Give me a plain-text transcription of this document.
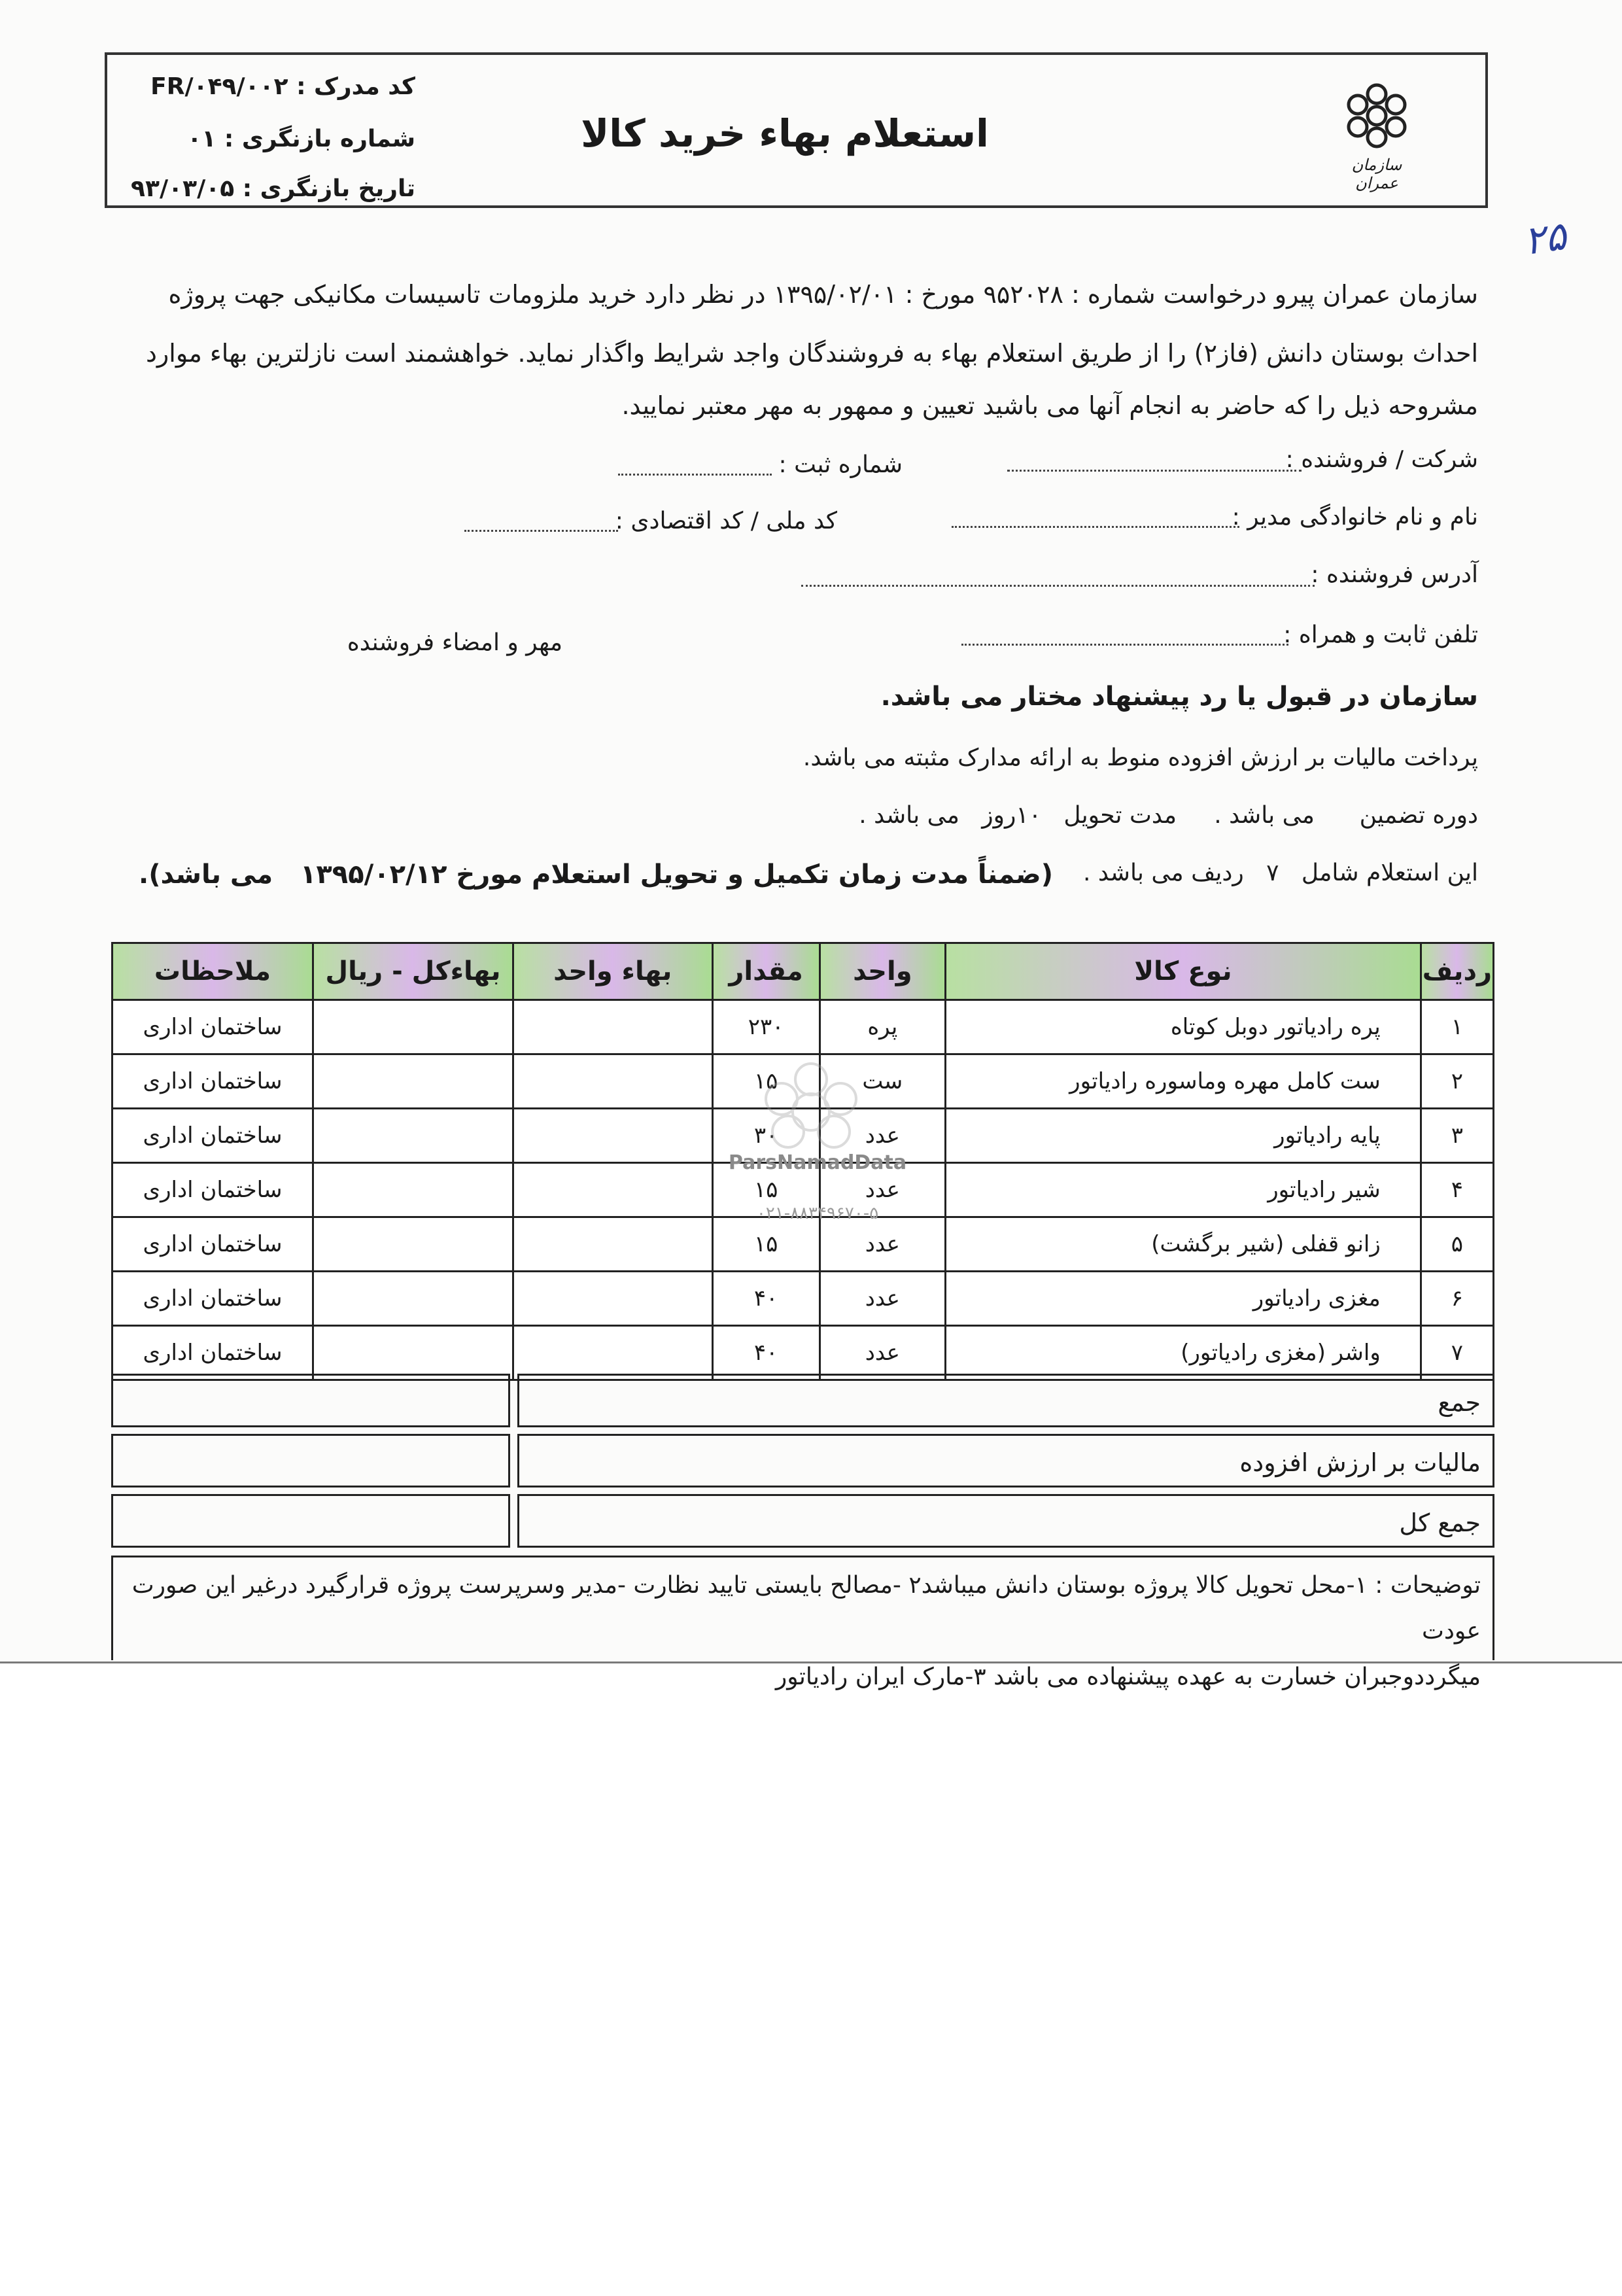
استعلام بهاء خرید کالا
کد مدرک : FR/۰۴۹/۰۰۲
شماره بازنگری : ۰۱
تاریخ بازنگری : ۹۳/۰۳/۰۵
سازمان عمران
۲۵
سازمان عمران پیرو درخواست شماره : ۹۵۲۰۲۸ مورخ : ۱۳۹۵/۰۲/۰۱ در نظر دارد خرید ملزومات تاسیسات مکانیکی جهت پروژه
احداث بوستان دانش (فاز۲) را از طریق استعلام بهاء به فروشندگان واجد شرایط واگذار نماید. خواهشمند است نازلترین بهاء موارد
مشروحه ذیل را که حاضر به انجام آنها می باشید تعیین و ممهور به مهر معتبر نمایید.
شرکت / فروشنده :
شماره ثبت :
نام و نام خانوادگی مدیر :
کد ملی / کد اقتصادی :
آدرس فروشنده :
تلفن ثابت و همراه :
مهر و امضاء فروشنده
سازمان در قبول یا رد پیشنهاد مختار می باشد.
پرداخت مالیات بر ارزش افزوده منوط به ارائه مدارک مثبته می باشد.
دوره تضمین      می باشد .     مدت تحویل   ۱۰روز   می باشد .
این استعلام شامل   ۷   ردیف می باشد .
(ضمناً مدت زمان تکمیل و تحویل استعلام مورخ ۱۳۹۵/۰۲/۱۲   می باشد).
ردیف	نوع کالا	واحد	مقدار	بهاء واحد	بهاءکل - ریال	ملاحظات
۱	پره رادیاتور دوبل کوتاه	پره	۲۳۰			ساختمان اداری
۲	ست کامل مهره وماسوره رادیاتور	ست	۱۵			ساختمان اداری
۳	پایه رادیاتور	عدد	۳۰			ساختمان اداری
۴	شیر رادیاتور	عدد	۱۵			ساختمان اداری
۵	زانو قفلی (شیر برگشت)	عدد	۱۵			ساختمان اداری
۶	مغزی رادیاتور	عدد	۴۰			ساختمان اداری
۷	واشر (مغزی رادیاتور)	عدد	۴۰			ساختمان اداری
ParsNamadData
۰۲۱-۸۸۳۴۹۶۷۰-۵
جمع
مالیات بر ارزش افزوده
جمع کل
توضیحات : ۱-محل تحویل کالا پروژه بوستان دانش میباشد۲ -مصالح بایستی تایید نظارت -مدیر وسرپرست پروژه قرارگیرد درغیر این صورت عودت
میگرددوجبران خسارت به عهده پیشنهاده می باشد ۳-مارک ایران رادیاتور
